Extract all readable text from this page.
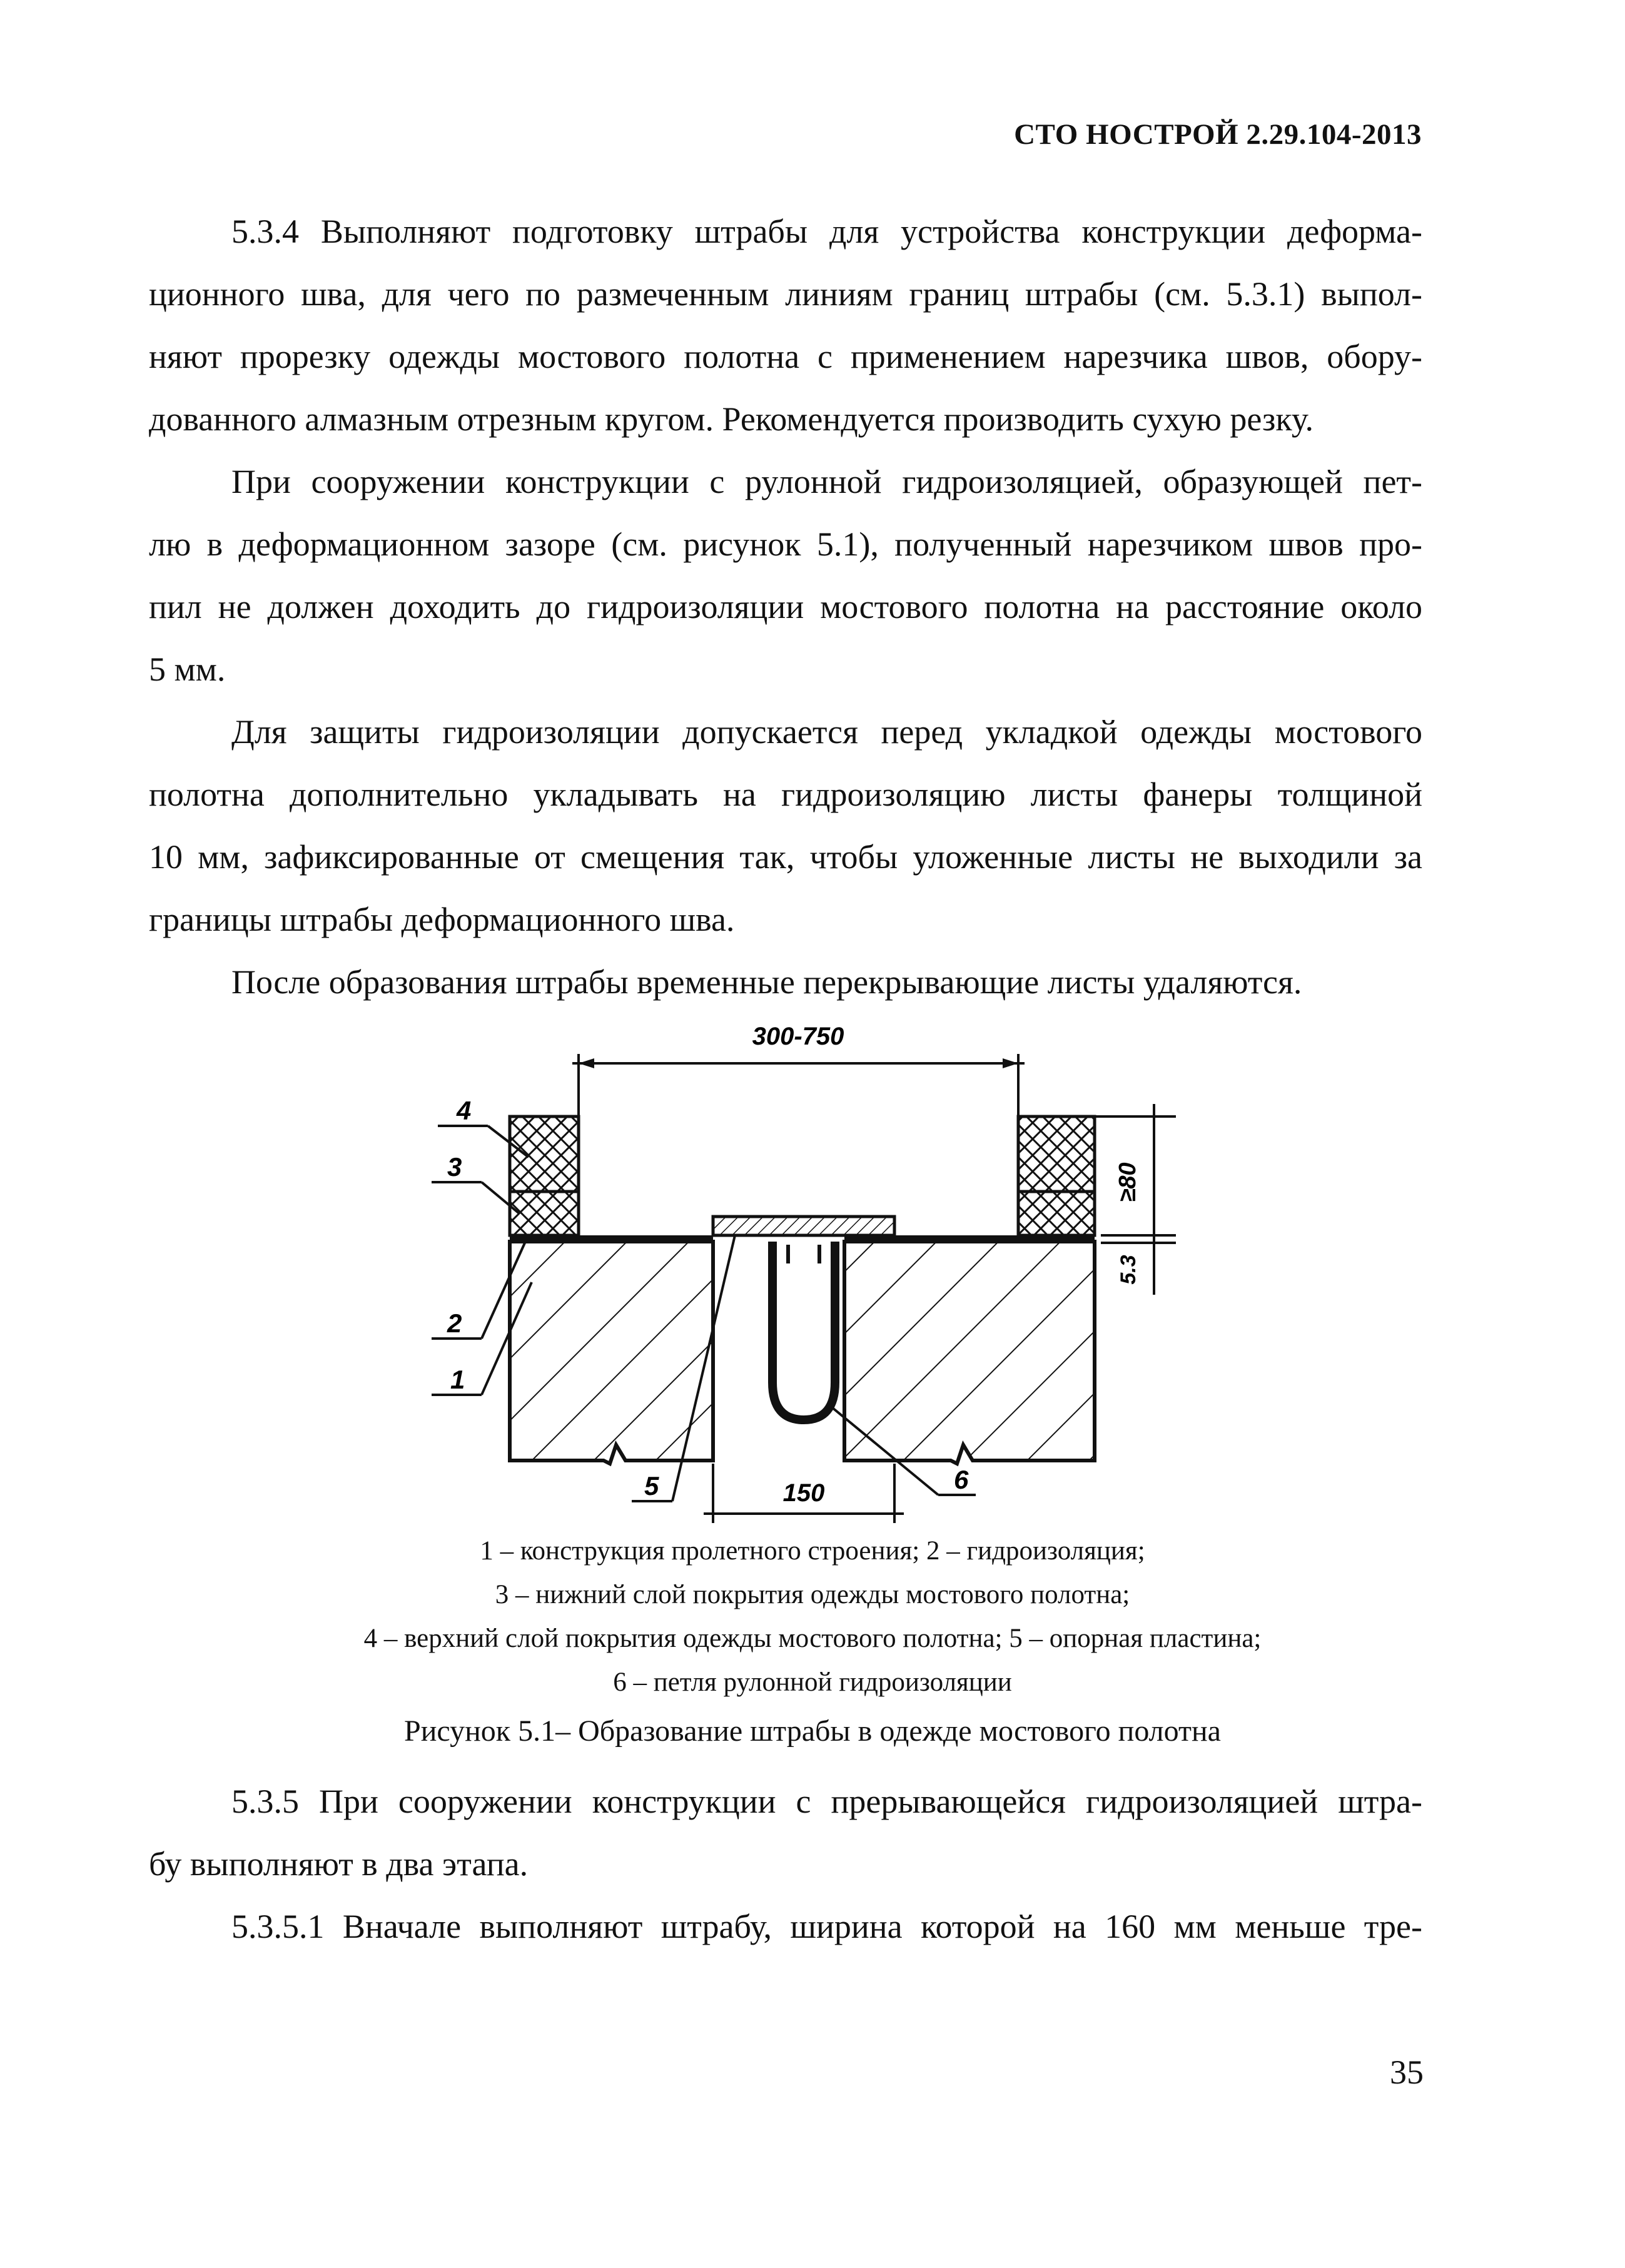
СТО НОСТРОЙ 2.29.104-2013
5.3.4 Выполняют подготовку штрабы для устройства конструкции деформа-
ционного шва, для чего по размеченным линиям границ штрабы (см. 5.3.1) выпол-
няют прорезку одежды мостового полотна с применением нарезчика швов, обору-
дованного алмазным отрезным кругом. Рекомендуется производить сухую резку.
При сооружении конструкции с рулонной гидроизоляцией, образующей пет-
лю в деформационном зазоре (см. рисунок 5.1), полученный нарезчиком швов про-
пил не должен доходить до гидроизоляции мостового полотна на расстояние около
5 мм.
Для защиты гидроизоляции допускается перед укладкой одежды мостового
полотна дополнительно укладывать на гидроизоляцию листы фанеры толщиной
10 мм, зафиксированные от смещения так, чтобы уложенные листы не выходили за
границы штрабы деформационного шва.
После образования штрабы временные перекрывающие листы удаляются.
300-750
≥80
5.3
150
4
3
2
1
5	6
1 – конструкция пролетного строения; 2 – гидроизоляция;
3 – нижний слой покрытия одежды мостового полотна;
4 – верхний слой покрытия одежды мостового полотна; 5 – опорная пластина;
6 – петля рулонной гидроизоляции
Рисунок 5.1– Образование штрабы в одежде мостового полотна
5.3.5 При сооружении конструкции с прерывающейся гидроизоляцией штра-
бу выполняют в два этапа.
5.3.5.1 Вначале выполняют штрабу, ширина которой на 160 мм меньше тре-
35
